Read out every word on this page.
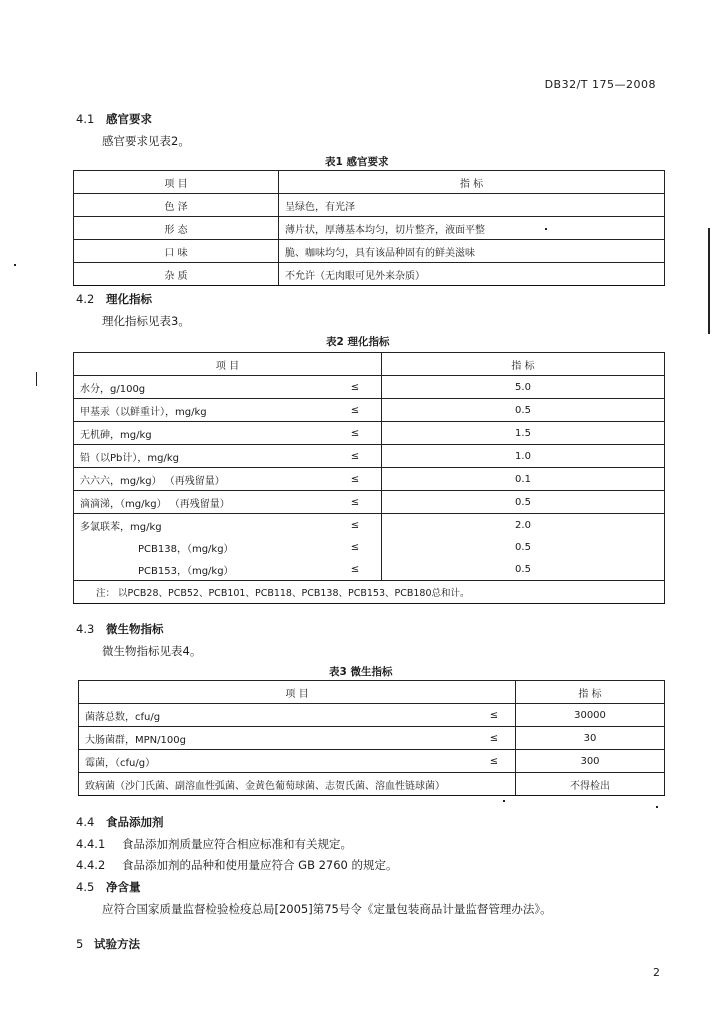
DB32/T 175—2008
4.1 感官要求
感官要求见表2。
表1 感官要求
项 目	指 标
色 泽	呈绿色，有光泽
形 态	薄片状，厚薄基本均匀，切片整齐，液面平整
口 味	脆、咖味均匀，具有该品种固有的鲜美滋味
杂 质	不允许（无肉眼可见外来杂质）
4.2 理化指标
理化指标见表3。
表2 理化指标
项 目		指 标
水分，g/100g	≤	5.0
甲基汞（以鲜重计），mg/kg	≤	0.5
无机砷，mg/kg	≤	1.5
铅（以Pb计），mg/kg	≤	1.0
六六六，mg/kg） （再残留量）	≤	0.1
滴滴涕，（mg/kg） （再残留量）	≤	0.5
多氯联苯，mg/kg	≤	2.0
PCB138，（mg/kg）	≤	0.5
PCB153，（mg/kg）	≤	0.5
注： 以PCB28、PCB52、PCB101、PCB118、PCB138、PCB153、PCB180总和计。		
4.3 微生物指标
微生物指标见表4。
表3 微生指标
项 目		指 标
菌落总数，cfu/g	≤	30000
大肠菌群，MPN/100g	≤	30
霉菌，（cfu/g）	≤	300
致病菌（沙门氏菌、副溶血性弧菌、金黄色葡萄球菌、志贺氏菌、溶血性链球菌）		不得检出
4.4 食品添加剂
4.4.1 食品添加剂质量应符合相应标准和有关规定。
4.4.2 食品添加剂的品种和使用量应符合 GB 2760 的规定。
4.5 净含量
应符合国家质量监督检验检疫总局[2005]第75号令《定量包装商品计量监督管理办法》。
5 试验方法
2
